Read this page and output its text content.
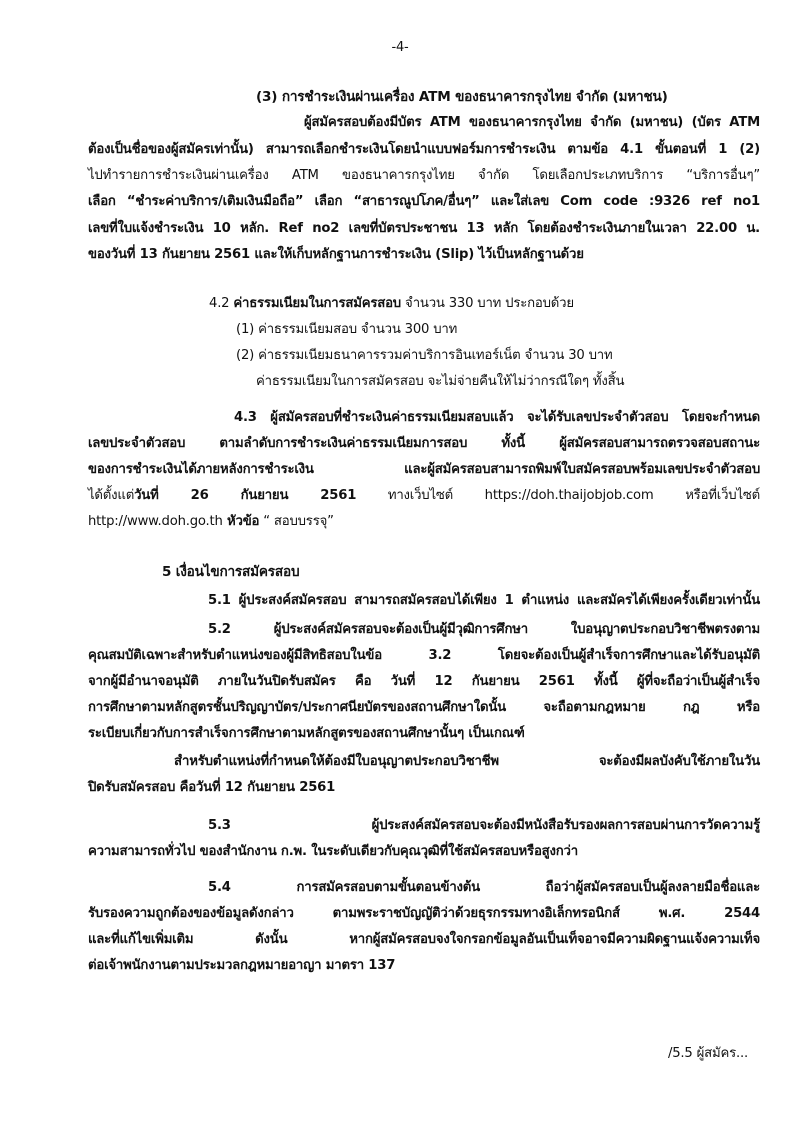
-4-
(3) การชำระเงินผ่านเครื่อง ATM ของธนาคารกรุงไทย จำกัด (มหาชน)
ผู้สมัครสอบต้องมีบัตร ATM ของธนาคารกรุงไทย จำกัด (มหาชน) (บัตร ATM
ต้องเป็นชื่อของผู้สมัครเท่านั้น) สามารถเลือกชำระเงินโดยนำแบบฟอร์มการชำระเงิน ตามข้อ 4.1 ขั้นตอนที่ 1 (2)
ไปทำรายการชำระเงินผ่านเครื่อง ATM ของธนาคารกรุงไทย จำกัด โดยเลือกประเภทบริการ “บริการอื่นๆ”
เลือก “ชำระค่าบริการ/เติมเงินมือถือ” เลือก “สาธารณูปโภค/อื่นๆ” และใส่เลข Com code :9326 ref no1
เลขที่ใบแจ้งชำระเงิน 10 หลัก. Ref no2 เลขที่บัตรประชาชน 13 หลัก โดยต้องชำระเงินภายในเวลา 22.00 น.
ของวันที่ 13 กันยายน 2561 และให้เก็บหลักฐานการชำระเงิน (Slip) ไว้เป็นหลักฐานด้วย
4.2 ค่าธรรมเนียมในการสมัครสอบ จำนวน 330 บาท ประกอบด้วย
(1) ค่าธรรมเนียมสอบ จำนวน 300 บาท
(2) ค่าธรรมเนียมธนาคารรวมค่าบริการอินเทอร์เน็ต จำนวน 30 บาท
ค่าธรรมเนียมในการสมัครสอบ จะไม่จ่ายคืนให้ไม่ว่ากรณีใดๆ ทั้งสิ้น
4.3 ผู้สมัครสอบที่ชำระเงินค่าธรรมเนียมสอบแล้ว จะได้รับเลขประจำตัวสอบ โดยจะกำหนด
เลขประจำตัวสอบ ตามลำดับการชำระเงินค่าธรรมเนียมการสอบ ทั้งนี้ ผู้สมัครสอบสามารถตรวจสอบสถานะ
ของการชำระเงินได้ภายหลังการชำระเงิน และผู้สมัครสอบสามารถพิมพ์ใบสมัครสอบพร้อมเลขประจำตัวสอบ
ได้ตั้งแต่วันที่ 26 กันยายน 2561 ทางเว็บไซต์ https://doh.thaijobjob.com หรือที่เว็บไซต์
http://www.doh.go.th หัวข้อ “ สอบบรรจุ”
5 เงื่อนไขการสมัครสอบ
5.1 ผู้ประสงค์สมัครสอบ สามารถสมัครสอบได้เพียง 1 ตำแหน่ง และสมัครได้เพียงครั้งเดียวเท่านั้น
5.2 ผู้ประสงค์สมัครสอบจะต้องเป็นผู้มีวุฒิการศึกษา ใบอนุญาตประกอบวิชาชีพตรงตาม
คุณสมบัติเฉพาะสำหรับตำแหน่งของผู้มีสิทธิสอบในข้อ 3.2 โดยจะต้องเป็นผู้สำเร็จการศึกษาและได้รับอนุมัติ
จากผู้มีอำนาจอนุมัติ ภายในวันปิดรับสมัคร คือ วันที่ 12 กันยายน 2561 ทั้งนี้ ผู้ที่จะถือว่าเป็นผู้สำเร็จ
การศึกษาตามหลักสูตรชั้นปริญญาบัตร/ประกาศนียบัตรของสถานศึกษาใดนั้น จะถือตามกฎหมาย กฎ หรือ
ระเบียบเกี่ยวกับการสำเร็จการศึกษาตามหลักสูตรของสถานศึกษานั้นๆ เป็นเกณฑ์
สำหรับตำแหน่งที่กำหนดให้ต้องมีใบอนุญาตประกอบวิชาชีพ จะต้องมีผลบังคับใช้ภายในวัน
ปิดรับสมัครสอบ คือวันที่ 12 กันยายน 2561
5.3 ผู้ประสงค์สมัครสอบจะต้องมีหนังสือรับรองผลการสอบผ่านการวัดความรู้
ความสามารถทั่วไป ของสำนักงาน ก.พ. ในระดับเดียวกับคุณวุฒิที่ใช้สมัครสอบหรือสูงกว่า
5.4 การสมัครสอบตามขั้นตอนข้างต้น ถือว่าผู้สมัครสอบเป็นผู้ลงลายมือชื่อและ
รับรองความถูกต้องของข้อมูลดังกล่าว ตามพระราชบัญญัติว่าด้วยธุรกรรมทางอิเล็กทรอนิกส์ พ.ศ. 2544
และที่แก้ไขเพิ่มเติม ดังนั้น หากผู้สมัครสอบจงใจกรอกข้อมูลอันเป็นเท็จอาจมีความผิดฐานแจ้งความเท็จ
ต่อเจ้าพนักงานตามประมวลกฎหมายอาญา มาตรา 137
/5.5 ผู้สมัคร...
